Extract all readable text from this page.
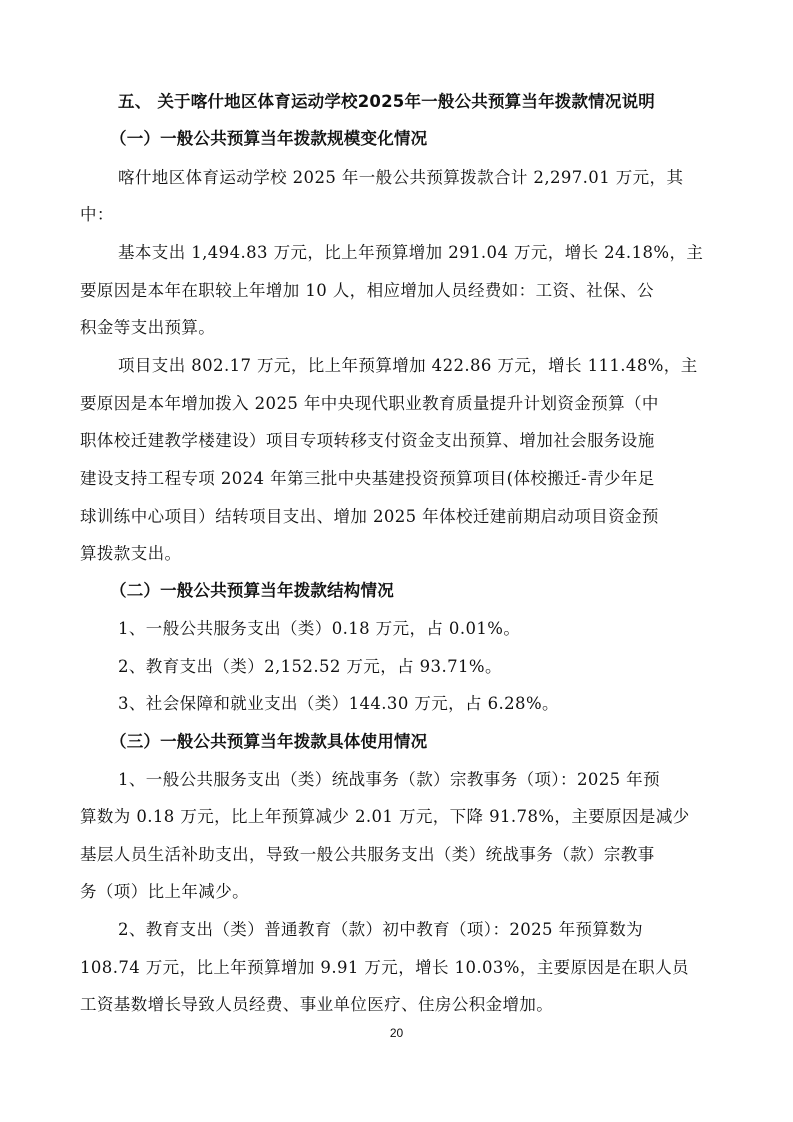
五、 关于喀什地区体育运动学校2025年一般公共预算当年拨款情况说明
（一）一般公共预算当年拨款规模变化情况
喀什地区体育运动学校 2025 年一般公共预算拨款合计 2,297.01 万元，其
中：
基本支出 1,494.83 万元，比上年预算增加 291.04 万元，增长 24.18%，主
要原因是本年在职较上年增加 10 人，相应增加人员经费如：工资、社保、公
积金等支出预算。
项目支出 802.17 万元，比上年预算增加 422.86 万元，增长 111.48%，主
要原因是本年增加拨入 2025 年中央现代职业教育质量提升计划资金预算（中
职体校迁建教学楼建设）项目专项转移支付资金支出预算、增加社会服务设施
建设支持工程专项 2024 年第三批中央基建投资预算项目(体校搬迁-青少年足
球训练中心项目）结转项目支出、增加 2025 年体校迁建前期启动项目资金预
算拨款支出。
（二）一般公共预算当年拨款结构情况
1、一般公共服务支出（类）0.18 万元，占 0.01%。
2、教育支出（类）2,152.52 万元，占 93.71%。
3、社会保障和就业支出（类）144.30 万元，占 6.28%。
（三）一般公共预算当年拨款具体使用情况
1、一般公共服务支出（类）统战事务（款）宗教事务（项）：2025 年预
算数为 0.18 万元，比上年预算减少 2.01 万元，下降 91.78%，主要原因是减少
基层人员生活补助支出，导致一般公共服务支出（类）统战事务（款）宗教事
务（项）比上年减少。
2、教育支出（类）普通教育（款）初中教育（项）：2025 年预算数为
108.74 万元，比上年预算增加 9.91 万元，增长 10.03%，主要原因是在职人员
工资基数增长导致人员经费、事业单位医疗、住房公积金增加。
20
